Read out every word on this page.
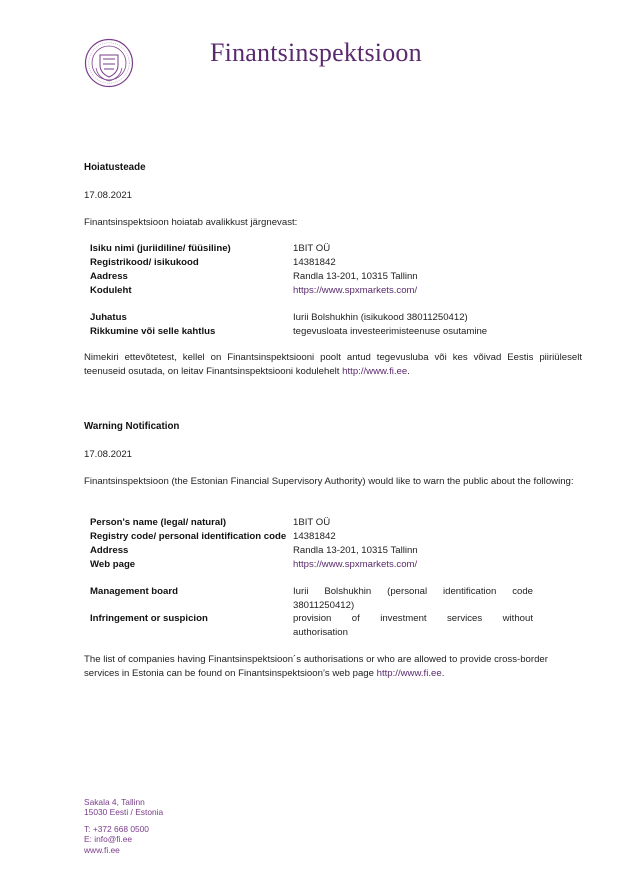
Finantsinspektsioon
Hoiatusteade
17.08.2021
Finantsinspektsioon hoiatab avalikkust järgnevast:
Isiku nimi (juriidiline/ füüsiline)	1BIT OÜ
Registrikood/ isikukood	14381842
Aadress	Randla 13-201, 10315 Tallinn
Koduleht	https://www.spxmarkets.com/
Juhatus	Iurii Bolshukhin (isikukood 38011250412)
Rikkumine või selle kahtlus	tegevusloata investeerimisteenuse osutamine
Nimekiri ettevõtetest, kellel on Finantsinspektsiooni poolt antud tegevusluba või kes võivad Eestis piiriüleselt teenuseid osutada, on leitav Finantsinspektsiooni kodulehelt http://www.fi.ee.
Warning Notification
17.08.2021
Finantsinspektsioon (the Estonian Financial Supervisory Authority) would like to warn the public about the following:
Person's name (legal/ natural)	1BIT OÜ
Registry code/ personal identification code 14381842
Address	Randla 13-201, 10315 Tallinn
Web page	https://www.spxmarkets.com/
Management board	Iurii Bolshukhin (personal identification code 38011250412)
Infringement or suspicion	provision of investment services without authorisation
The list of companies having Finantsinspektsioon´s authorisations or who are allowed to provide cross-border services in Estonia can be found on Finantsinspektsioon’s web page http://www.fi.ee.
Sakala 4, Tallinn
15030 Eesti / Estonia
T: +372 668 0500
E: info@fi.ee
www.fi.ee
